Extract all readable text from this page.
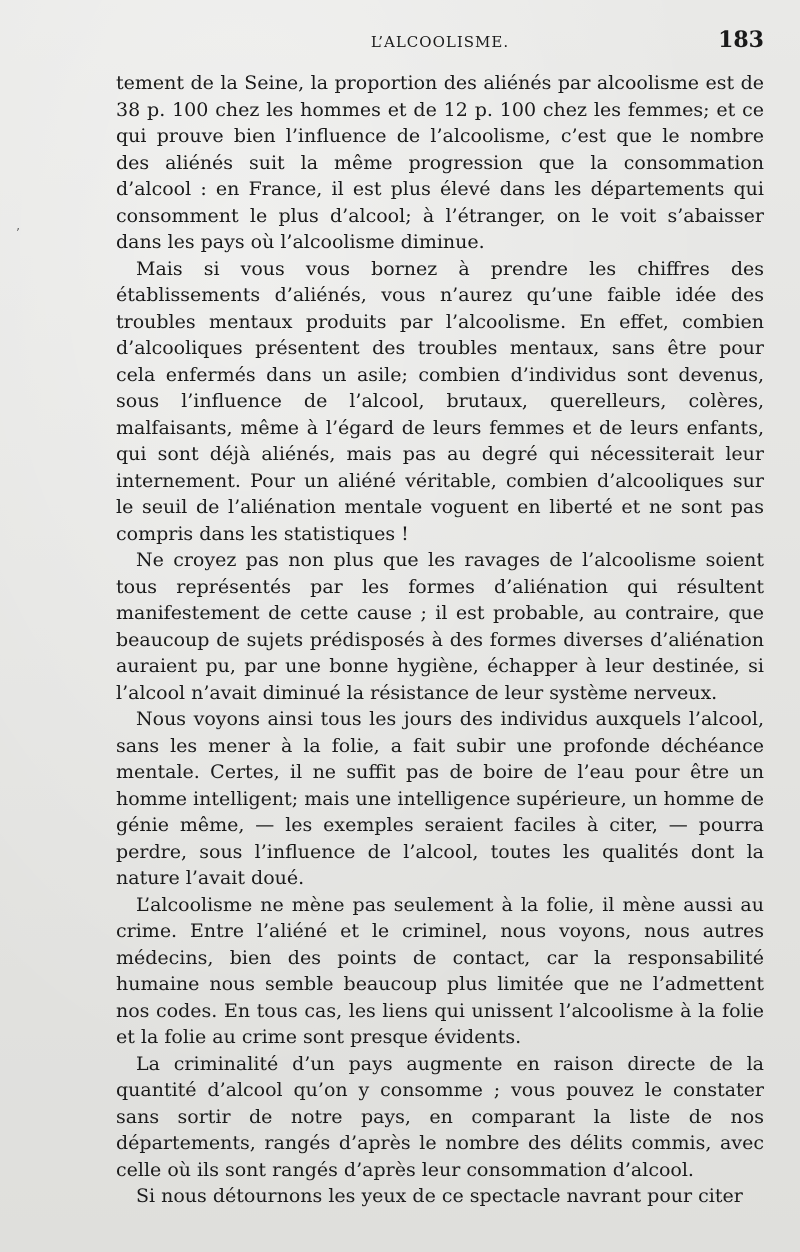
’
L’ALCOOLISME.	183

tement de la Seine, la proportion des aliénés par alcoolisme est de 38 p. 100 chez les hommes et de 12 p. 100 chez les femmes; et ce qui prouve bien l’influence de l’alcoolisme, c’est que le nombre des aliénés suit la même progression que la consommation d’alcool : en France, il est plus élevé dans les départements qui consomment le plus d’alcool; à l’étranger, on le voit s’abaisser dans les pays où l’alcoolisme diminue.

Mais si vous vous bornez à prendre les chiffres des établissements d’aliénés, vous n’aurez qu’une faible idée des troubles mentaux produits par l’alcoolisme. En effet, combien d’alcooliques présentent des troubles mentaux, sans être pour cela enfermés dans un asile; combien d’individus sont devenus, sous l’influence de l’alcool, brutaux, querelleurs, colères, malfaisants, même à l’égard de leurs femmes et de leurs enfants, qui sont déjà aliénés, mais pas au degré qui nécessiterait leur internement. Pour un aliéné véritable, combien d’alcooliques sur le seuil de l’aliénation mentale voguent en liberté et ne sont pas compris dans les statistiques !

Ne croyez pas non plus que les ravages de l’alcoolisme soient tous représentés par les formes d’aliénation qui résultent manifestement de cette cause ; il est probable, au contraire, que beaucoup de sujets prédisposés à des formes diverses d’aliénation auraient pu, par une bonne hygiène, échapper à leur destinée, si l’alcool n’avait diminué la résistance de leur système nerveux.

Nous voyons ainsi tous les jours des individus auxquels l’alcool, sans les mener à la folie, a fait subir une profonde déchéance mentale. Certes, il ne suffit pas de boire de l’eau pour être un homme intelligent; mais une intelligence supérieure, un homme de génie même, — les exemples seraient faciles à citer, — pourra perdre, sous l’influence de l’alcool, toutes les qualités dont la nature l’avait doué.

L’alcoolisme ne mène pas seulement à la folie, il mène aussi au crime. Entre l’aliéné et le criminel, nous voyons, nous autres médecins, bien des points de contact, car la responsabilité humaine nous semble beaucoup plus limitée que ne l’admettent nos codes. En tous cas, les liens qui unissent l’alcoolisme à la folie et la folie au crime sont presque évidents.

La criminalité d’un pays augmente en raison directe de la quantité d’alcool qu’on y consomme ; vous pouvez le constater sans sortir de notre pays, en comparant la liste de nos départements, rangés d’après le nombre des délits commis, avec celle où ils sont rangés d’après leur consommation d’alcool.

Si nous détournons les yeux de ce spectacle navrant pour citer
